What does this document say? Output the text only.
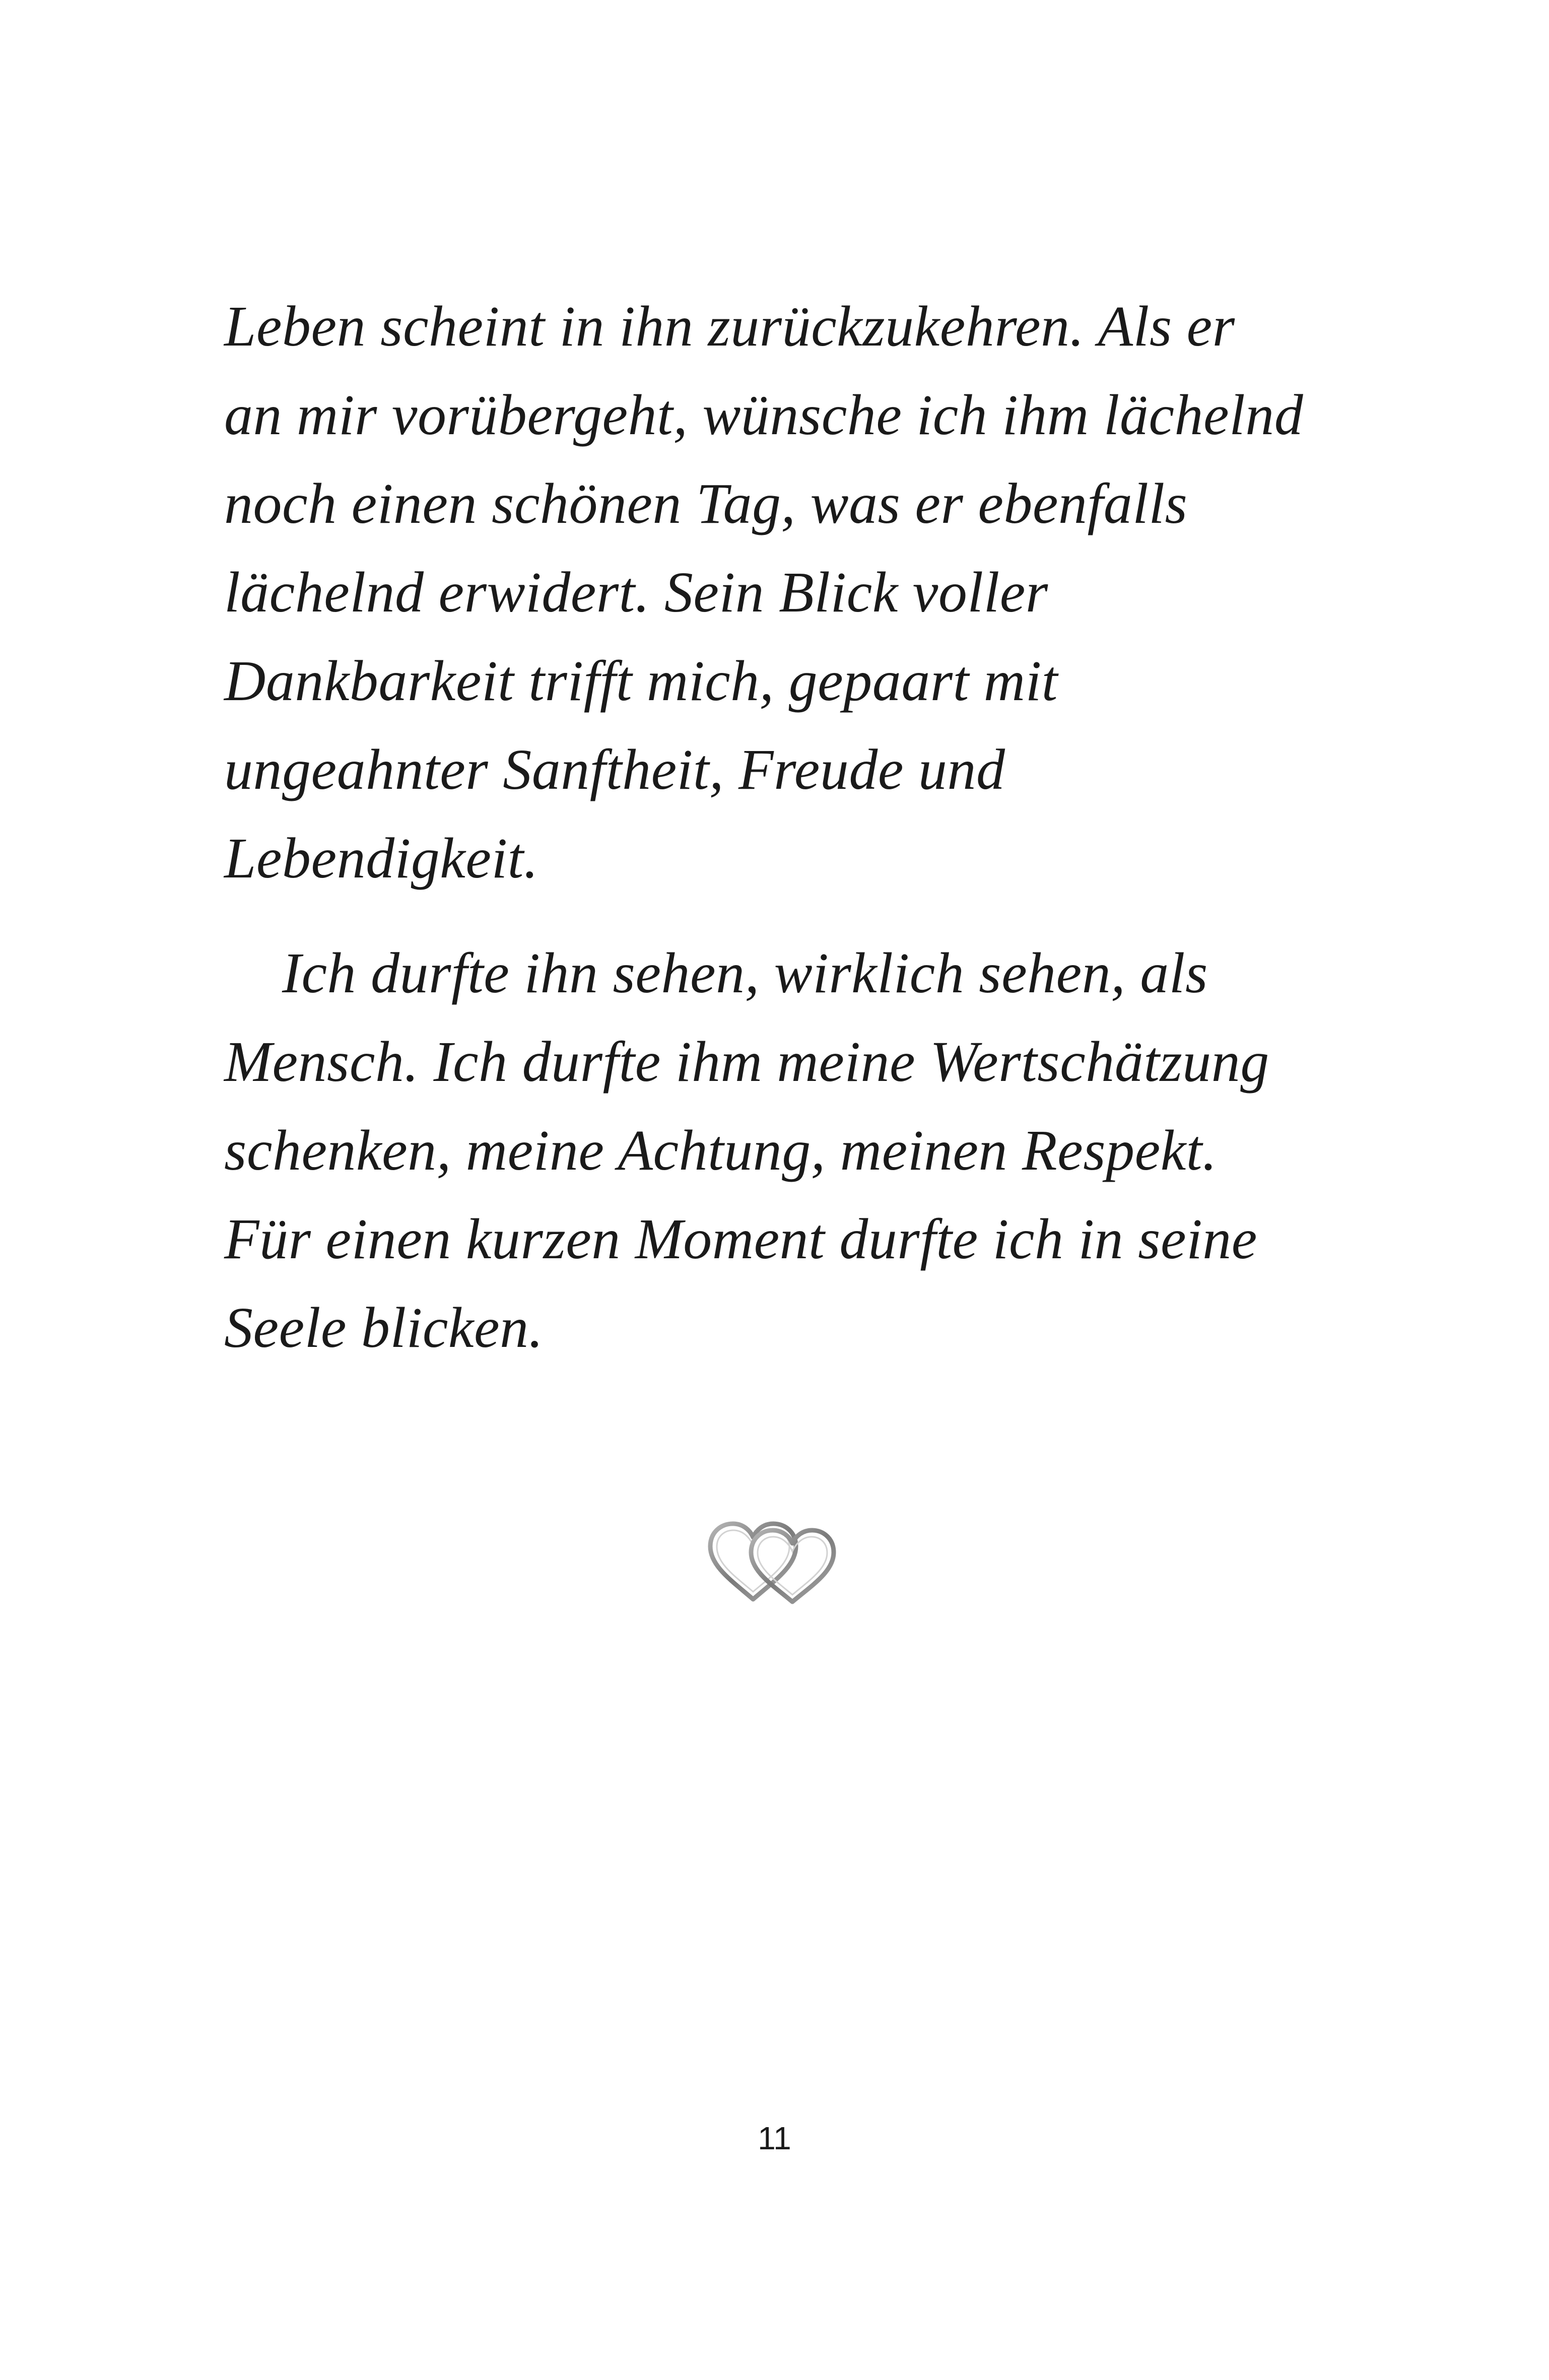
Leben scheint in ihn zurückzukehren. Als er
an mir vorübergeht, wünsche ich ihm lächelnd
noch einen schönen Tag, was er ebenfalls
lächelnd erwidert. Sein Blick voller
Dankbarkeit trifft mich, gepaart mit
ungeahnter Sanftheit, Freude und
Lebendigkeit.

Ich durfte ihn sehen, wirklich sehen, als
Mensch. Ich durfte ihm meine Wertschätzung
schenken, meine Achtung, meinen Respekt.
Für einen kurzen Moment durfte ich in seine
Seele blicken.

11
